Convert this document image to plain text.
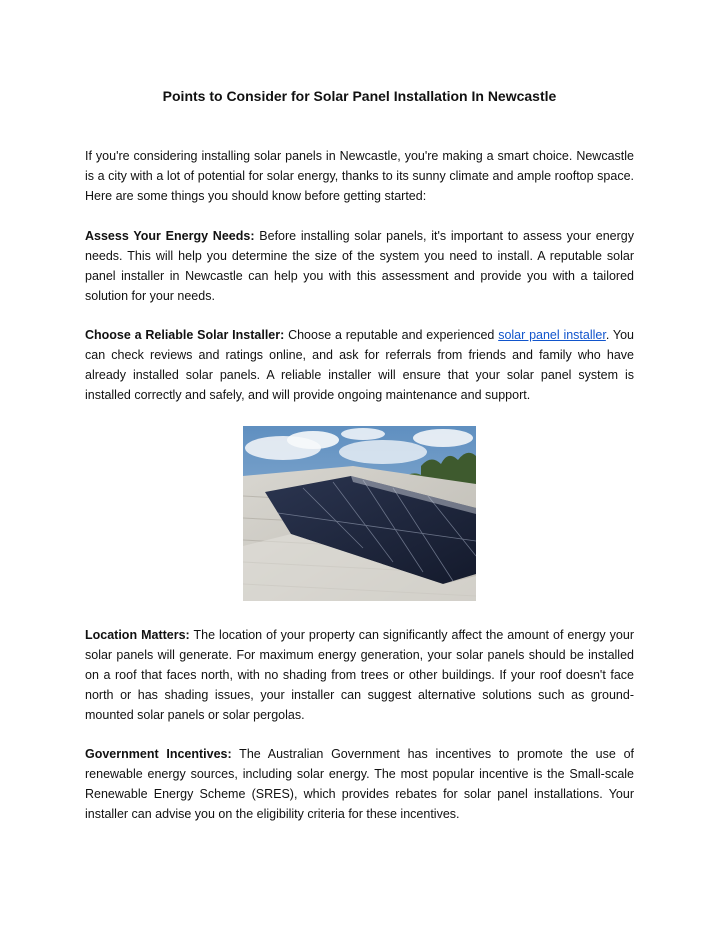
Points to Consider for Solar Panel Installation In Newcastle

If you're considering installing solar panels in Newcastle, you're making a smart choice. Newcastle is a city with a lot of potential for solar energy, thanks to its sunny climate and ample rooftop space. Here are some things you should know before getting started:

Assess Your Energy Needs: Before installing solar panels, it's important to assess your energy needs. This will help you determine the size of the system you need to install. A reputable solar panel installer in Newcastle can help you with this assessment and provide you with a tailored solution for your needs.

Choose a Reliable Solar Installer: Choose a reputable and experienced solar panel installer. You can check reviews and ratings online, and ask for referrals from friends and family who have already installed solar panels. A reliable installer will ensure that your solar panel system is installed correctly and safely, and will provide ongoing maintenance and support.

Location Matters: The location of your property can significantly affect the amount of energy your solar panels will generate. For maximum energy generation, your solar panels should be installed on a roof that faces north, with no shading from trees or other buildings. If your roof doesn't face north or has shading issues, your installer can suggest alternative solutions such as ground-mounted solar panels or solar pergolas.

Government Incentives: The Australian Government has incentives to promote the use of renewable energy sources, including solar energy. The most popular incentive is the Small-scale Renewable Energy Scheme (SRES), which provides rebates for solar panel installations. Your installer can advise you on the eligibility criteria for these incentives.
